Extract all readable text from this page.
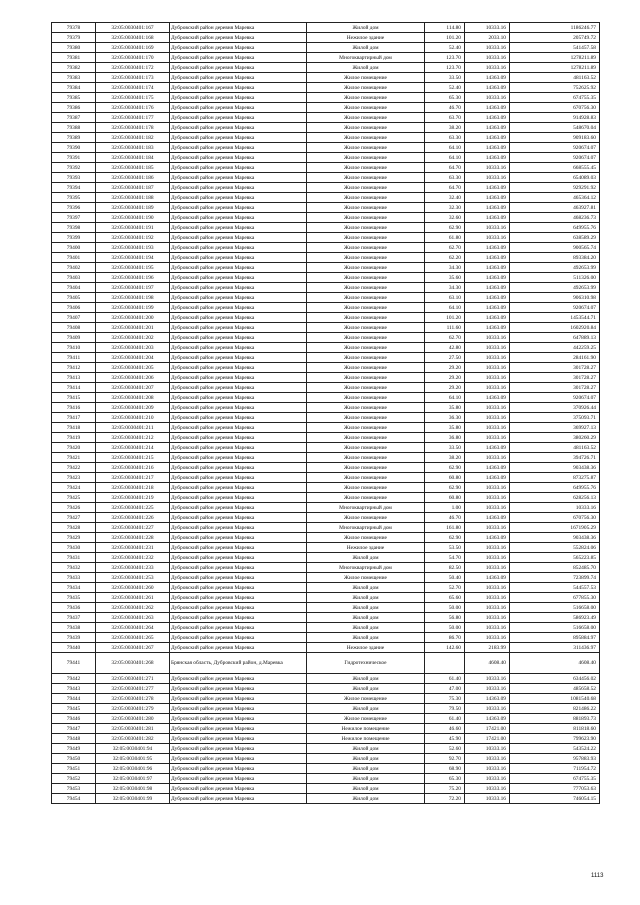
79378	32:05:0030401:167	Дубровский район деревня Маревка	Жилой дом	114.80	10333.16	1186246.77
79379	32:05:0030401:168	Дубровский район деревня Маревка	Нежилое здание	101.20	2033.10	205749.72
79380	32:05:0030401:169	Дубровский район деревня Маревка	Жилой дом	52.40	10333.16	541457.58
79381	32:05:0030401:170	Дубровский район деревня Маревка	Многоквартирный дом	123.70	10333.16	1278211.89
79382	32:05:0030401:172	Дубровский район деревня Маревка	Жилой дом	123.70	10333.16	1278211.89
79383	32:05:0030401:173	Дубровский район деревня Маревка	Жилое помещение	33.50	14363.09	481163.52
79384	32:05:0030401:174	Дубровский район деревня Маревка	Жилое помещение	52.40	14363.09	752625.92
79385	32:05:0030401:175	Дубровский район деревня Маревка	Жилое помещение	65.30	10333.16	674755.35
79386	32:05:0030401:176	Дубровский район деревня Маревка	Жилое помещение	46.70	14363.09	670756.30
79387	32:05:0030401:177	Дубровский район деревня Маревка	Жилое помещение	63.70	14363.09	914928.83
79388	32:05:0030401:178	Дубровский район деревня Маревка	Жилое помещение	38.20	14363.09	548670.04
79389	32:05:0030401:182	Дубровский район деревня Маревка	Жилое помещение	63.30	14363.09	909183.60
79390	32:05:0030401:183	Дубровский район деревня Маревка	Жилое помещение	64.10	14363.09	920674.07
79391	32:05:0030401:184	Дубровский район деревня Маревка	Жилое помещение	64.10	14363.09	920674.07
79392	32:05:0030401:185	Дубровский район деревня Маревка	Жилое помещение	64.70	10333.16	668555.45
79393	32:05:0030401:186	Дубровский район деревня Маревка	Жилое помещение	63.30	10333.16	654089.03
79394	32:05:0030401:187	Дубровский район деревня Маревка	Жилое помещение	64.70	14363.09	929291.92
79395	32:05:0030401:188	Дубровский район деревня Маревка	Жилое помещение	32.40	14363.09	465364.12
79396	32:05:0030401:189	Дубровский район деревня Маревка	Жилое помещение	32.30	14363.09	463927.81
79397	32:05:0030401:190	Дубровский район деревня Маревка	Жилое помещение	32.60	14363.09	468236.73
79398	32:05:0030401:191	Дубровский район деревня Маревка	Жилое помещение	62.90	10333.16	649955.76
79399	32:05:0030401:192	Дубровский район деревня Маревка	Жилое помещение	61.80	10333.16	638589.29
79400	32:05:0030401:193	Дубровский район деревня Маревка	Жилое помещение	62.70	14363.09	900565.74
79401	32:05:0030401:194	Дубровский район деревня Маревка	Жилое помещение	62.20	14363.09	893384.20
79402	32:05:0030401:195	Дубровский район деревня Маревка	Жилое помещение	34.30	14363.09	492653.99
79403	32:05:0030401:196	Дубровский район деревня Маревка	Жилое помещение	35.60	14363.09	511326.00
79404	32:05:0030401:197	Дубровский район деревня Маревка	Жилое помещение	34.30	14363.09	492653.99
79405	32:05:0030401:198	Дубровский район деревня Маревка	Жилое помещение	63.10	14363.09	906310.98
79406	32:05:0030401:199	Дубровский район деревня Маревка	Жилое помещение	64.10	14363.09	920674.07
79407	32:05:0030401:200	Дубровский район деревня Маревка	Жилое помещение	101.20	14363.09	1453544.71
79408	32:05:0030401:201	Дубровский район деревня Маревка	Жилое помещение	111.60	14363.09	1602920.84
79409	32:05:0030401:202	Дубровский район деревня Маревка	Жилое помещение	62.70	10333.16	647889.13
79410	32:05:0030401:203	Дубровский район деревня Маревка	Жилое помещение	42.80	10333.16	442259.25
79411	32:05:0030401:204	Дубровский район деревня Маревка	Жилое помещение	27.50	10333.16	284161.90
79412	32:05:0030401:205	Дубровский район деревня Маревка	Жилое помещение	29.20	10333.16	301728.27
79413	32:05:0030401:206	Дубровский район деревня Маревка	Жилое помещение	29.20	10333.16	301728.27
79414	32:05:0030401:207	Дубровский район деревня Маревка	Жилое помещение	29.20	10333.16	301728.27
79415	32:05:0030401:208	Дубровский район деревня Маревка	Жилое помещение	64.10	14363.09	920674.07
79416	32:05:0030401:209	Дубровский район деревня Маревка	Жилое помещение	35.80	10333.16	370926.44
79417	32:05:0030401:210	Дубровский район деревня Маревка	Жилое помещение	36.30	10333.16	375093.71
79418	32:05:0030401:211	Дубровский район деревня Маревка	Жилое помещение	35.80	10333.16	369927.13
79419	32:05:0030401:212	Дубровский район деревня Маревка	Жилое помещение	36.80	10333.16	380260.29
79420	32:05:0030401:214	Дубровский район деревня Маревка	Жилое помещение	33.50	14363.09	481163.52
79421	32:05:0030401:215	Дубровский район деревня Маревка	Жилое помещение	38.20	10333.16	394726.71
79422	32:05:0030401:216	Дубровский район деревня Маревка	Жилое помещение	62.90	14363.09	903438.36
79423	32:05:0030401:217	Дубровский район деревня Маревка	Жилое помещение	60.80	14363.09	873275.87
79424	32:05:0030401:218	Дубровский район деревня Маревка	Жилое помещение	62.90	10333.16	649955.76
79425	32:05:0030401:219	Дубровский район деревня Маревка	Жилое помещение	60.80	10333.16	628256.13
79426	32:05:0030401:225	Дубровский район деревня Маревка	Многоквартирный дом	1.00	10333.16	10333.16
79427	32:05:0030401:226	Дубровский район деревня Маревка	Жилое помещение	46.70	14363.09	670756.30
79428	32:05:0030401:227	Дубровский район деревня Маревка	Многоквартирный дом	161.80	10333.16	1671905.29
79429	32:05:0030401:228	Дубровский район деревня Маревка	Жилое помещение	62.90	14363.09	903438.36
79430	32:05:0030401:231	Дубровский район деревня Маревка	Нежилое здание	53.50	10333.16	552824.06
79431	32:05:0030401:232	Дубровский район деревня Маревка	Жилой дом	54.70	10333.16	565223.85
79432	32:05:0030401:233	Дубровский район деревня Маревка	Многоквартирный дом	82.50	10333.16	852485.70
79433	32:05:0030401:253	Дубровский район деревня Маревка	Жилое помещение	50.40	14363.09	723899.74
79434	32:05:0030401:260	Дубровский район деревня Маревка	Жилой дом	52.70	10333.16	544557.53
79435	32:05:0030401:261	Дубровский район деревня Маревка	Жилой дом	65.60	10333.16	677855.30
79436	32:05:0030401:262	Дубровский район деревня Маревка	Жилой дом	50.00	10333.16	516658.00
79437	32:05:0030401:263	Дубровский район деревня Маревка	Жилой дом	56.80	10333.16	586923.49
79438	32:05:0030401:264	Дубровский район деревня Маревка	Жилой дом	50.00	10333.16	516658.00
79439	32:05:0030401:265	Дубровский район деревня Маревка	Жилой дом	86.70	10333.16	895884.97
79440	32:05:0030401:267	Дубровский район деревня Маревка	Нежилое здание	142.60	2183.99	311436.97
79441	32:05:0030401:268	Брянская область, Дубровский район, д.Маревка	Гидротехническое		4608.40	4608.40
79442	32:05:0030401:271	Дубровский район деревня Маревка	Жилой дом	61.40	10333.16	634456.02
79443	32:05:0030401:277	Дубровский район деревня Маревка	Жилой дом	47.00	10333.16	485658.52
79444	32:05:0030401:278	Дубровский район деревня Маревка	Жилое помещение	75.30	14363.09	1081540.68
79445	32:05:0030401:279	Дубровский район деревня Маревка	Жилой дом	79.50	10333.16	821486.22
79446	32:05:0030401:280	Дубровский район деревня Маревка	Жилое помещение	61.40	14363.09	881893.73
79447	32:05:0030401:281	Дубровский район деревня Маревка	Нежилое помещение	46.60	17421.00	811818.60
79448	32:05:0030401:282	Дубровский район деревня Маревка	Нежилое помещение	45.90	17421.00	799623.90
79449	32:05:0030401:94	Дубровский район деревня Маревка	Жилой дом	52.60	10333.16	543524.22
79450	32:05:0030401:95	Дубровский район деревня Маревка	Жилой дом	92.70	10333.16	957883.93
79451	32:05:0030401:96	Дубровский район деревня Маревка	Жилой дом	68.90	10333.16	711954.72
79452	32:05:0030401:97	Дубровский район деревня Маревка	Жилой дом	65.30	10333.16	674755.35
79453	32:05:0030401:98	Дубровский район деревня Маревка	Жилой дом	75.20	10333.16	777053.63
79454	32:05:0030401:99	Дубровский район деревня Маревка	Жилой дом	72.20	10333.16	746054.15
1113
